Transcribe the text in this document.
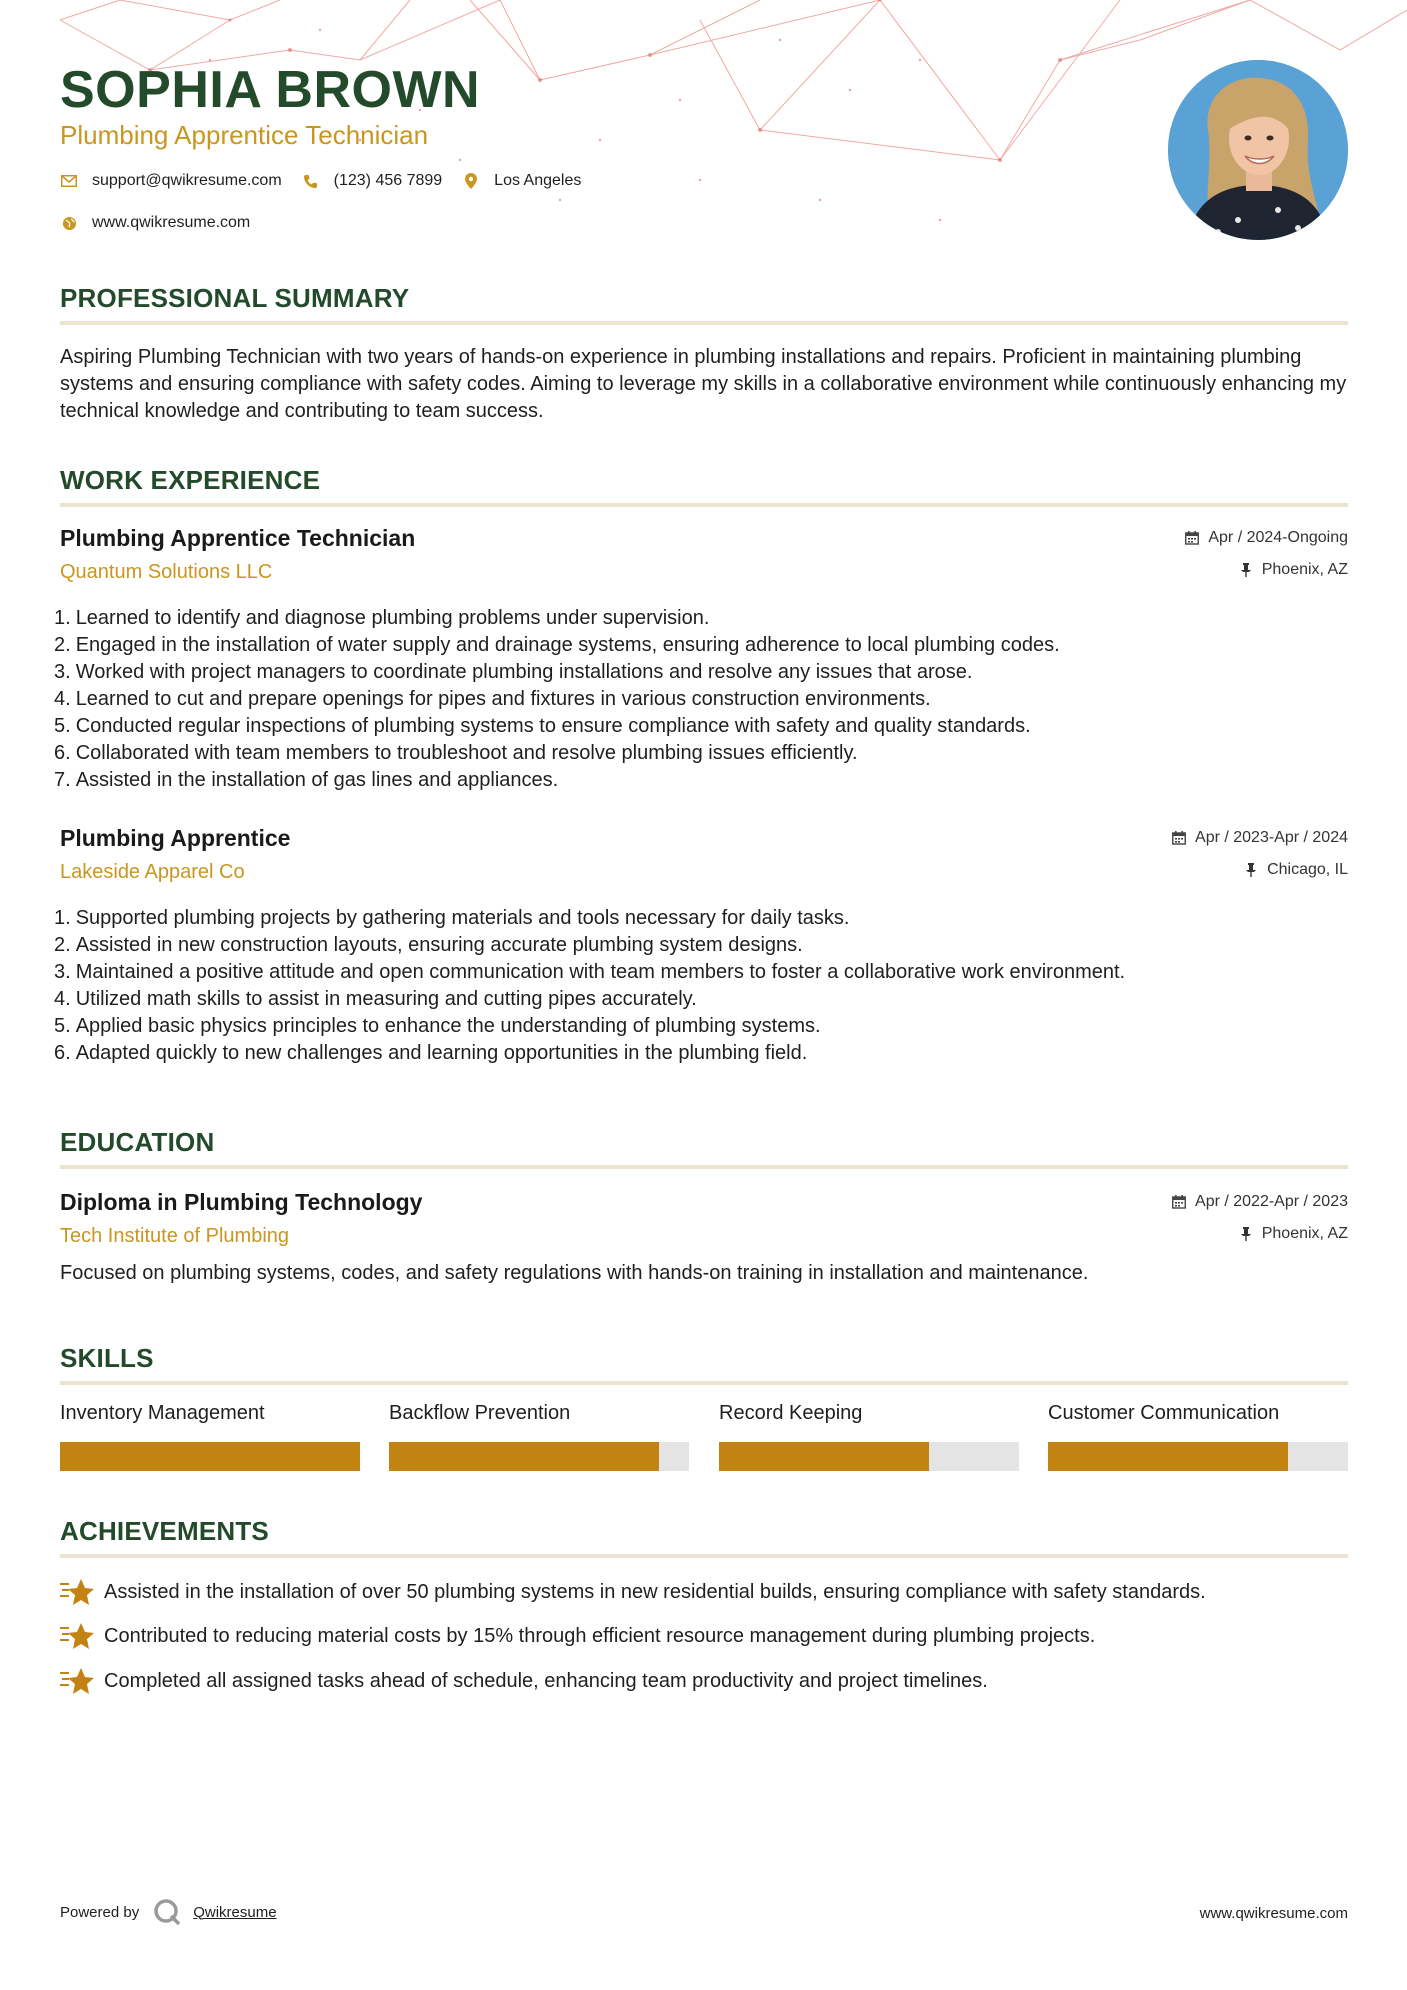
SOPHIA BROWN
Plumbing Apprentice Technician
support@qwikresume.com	(123) 456 7899	Los Angeles
www.qwikresume.com
PROFESSIONAL SUMMARY

Aspiring Plumbing Technician with two years of hands-on experience in plumbing installations and repairs. Proficient in maintaining plumbing systems and ensuring compliance with safety codes. Aiming to leverage my skills in a collaborative environment while continuously enhancing my technical knowledge and contributing to team success.

WORK EXPERIENCE
Plumbing Apprentice Technician
Quantum Solutions LLC
Apr / 2024-Ongoing
Phoenix, AZ
1. Learned to identify and diagnose plumbing problems under supervision.
2. Engaged in the installation of water supply and drainage systems, ensuring adherence to local plumbing codes.
3. Worked with project managers to coordinate plumbing installations and resolve any issues that arose.
4. Learned to cut and prepare openings for pipes and fixtures in various construction environments.
5. Conducted regular inspections of plumbing systems to ensure compliance with safety and quality standards.
6. Collaborated with team members to troubleshoot and resolve plumbing issues efficiently.
7. Assisted in the installation of gas lines and appliances.
Plumbing Apprentice
Lakeside Apparel Co
Apr / 2023-Apr / 2024
Chicago, IL
1. Supported plumbing projects by gathering materials and tools necessary for daily tasks.
2. Assisted in new construction layouts, ensuring accurate plumbing system designs.
3. Maintained a positive attitude and open communication with team members to foster a collaborative work environment.
4. Utilized math skills to assist in measuring and cutting pipes accurately.
5. Applied basic physics principles to enhance the understanding of plumbing systems.
6. Adapted quickly to new challenges and learning opportunities in the plumbing field.
EDUCATION
Diploma in Plumbing Technology
Tech Institute of Plumbing
Apr / 2022-Apr / 2023
Phoenix, AZ
Focused on plumbing systems, codes, and safety regulations with hands-on training in installation and maintenance.
SKILLS
Inventory Management	Backflow Prevention	Record Keeping	Customer Communication
ACHIEVEMENTS
Assisted in the installation of over 50 plumbing systems in new residential builds, ensuring compliance with safety standards.
Contributed to reducing material costs by 15% through efficient resource management during plumbing projects.
Completed all assigned tasks ahead of schedule, enhancing team productivity and project timelines.
Powered by	Qwikresume	www.qwikresume.com
